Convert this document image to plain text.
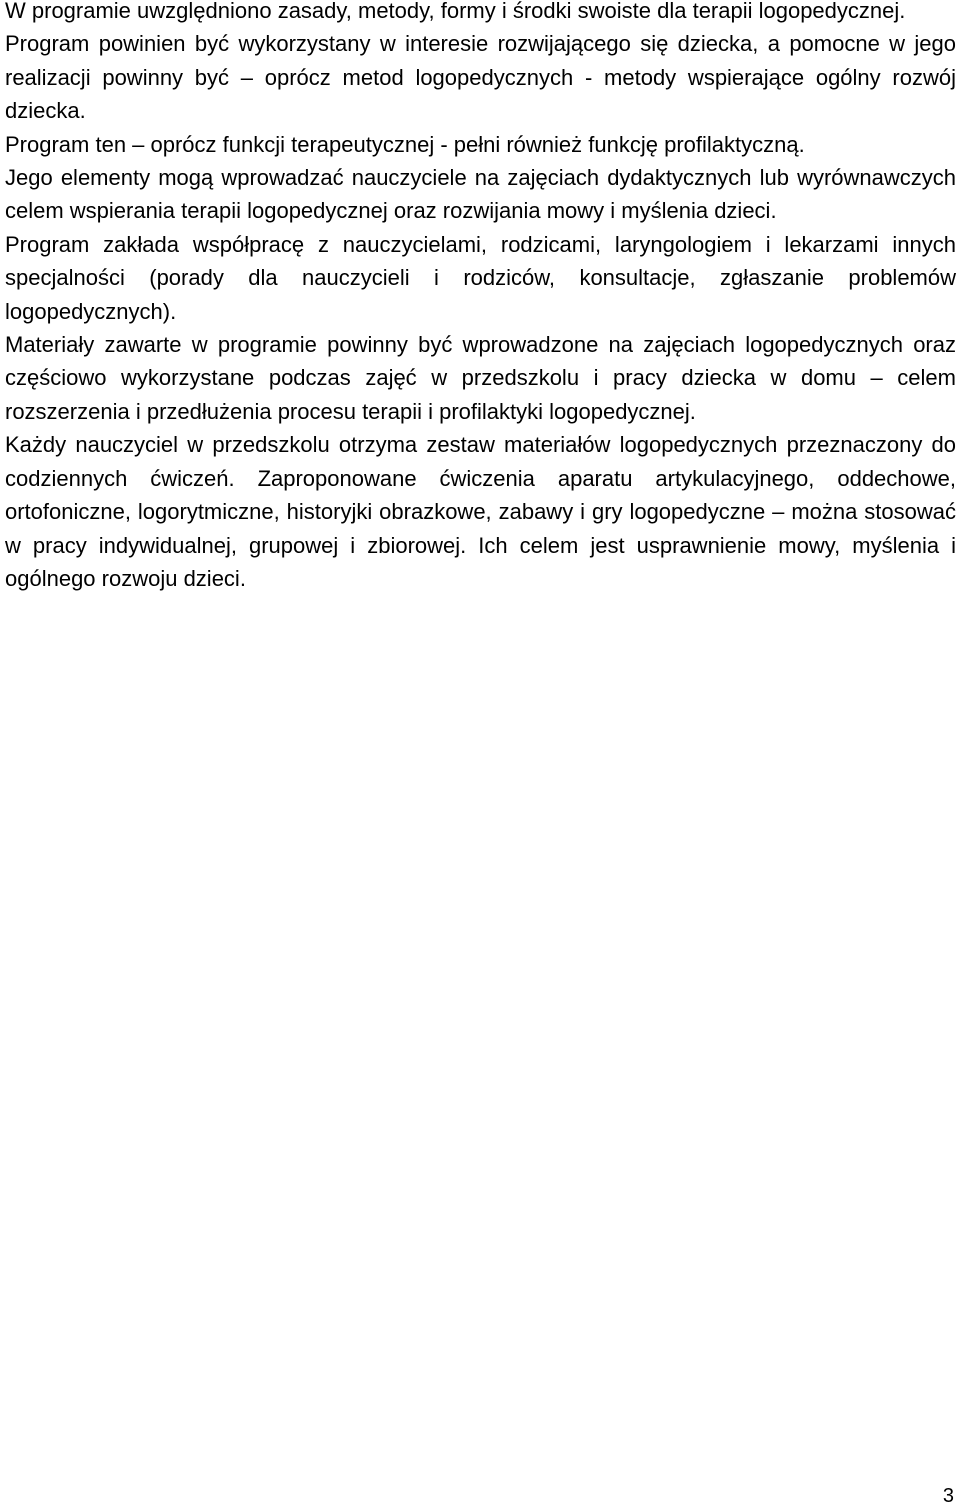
W programie uwzględniono zasady, metody, formy i środki swoiste dla terapii logopedycznej.

Program powinien być wykorzystany w interesie rozwijającego się dziecka, a pomocne w jego realizacji powinny być – oprócz metod logopedycznych - metody wspierające ogólny rozwój dziecka.

Program ten – oprócz funkcji terapeutycznej - pełni również funkcję profilaktyczną.

Jego elementy mogą wprowadzać nauczyciele na zajęciach dydaktycznych lub wyrównawczych celem wspierania terapii logopedycznej oraz rozwijania mowy i myślenia dzieci.

Program zakłada współpracę z nauczycielami, rodzicami, laryngologiem i lekarzami innych specjalności (porady dla nauczycieli i rodziców, konsultacje, zgłaszanie problemów logopedycznych).

Materiały zawarte w programie powinny być wprowadzone na zajęciach logopedycznych oraz częściowo wykorzystane podczas zajęć w przedszkolu i pracy dziecka w domu – celem rozszerzenia i przedłużenia procesu terapii i profilaktyki logopedycznej.

Każdy nauczyciel w przedszkolu otrzyma zestaw materiałów logopedycznych przeznaczony do codziennych ćwiczeń. Zaproponowane ćwiczenia aparatu artykulacyjnego, oddechowe, ortofoniczne, logorytmiczne, historyjki obrazkowe, zabawy i gry logopedyczne – można stosować w pracy indywidualnej, grupowej i zbiorowej. Ich celem jest usprawnienie mowy, myślenia i ogólnego rozwoju dzieci.

3
